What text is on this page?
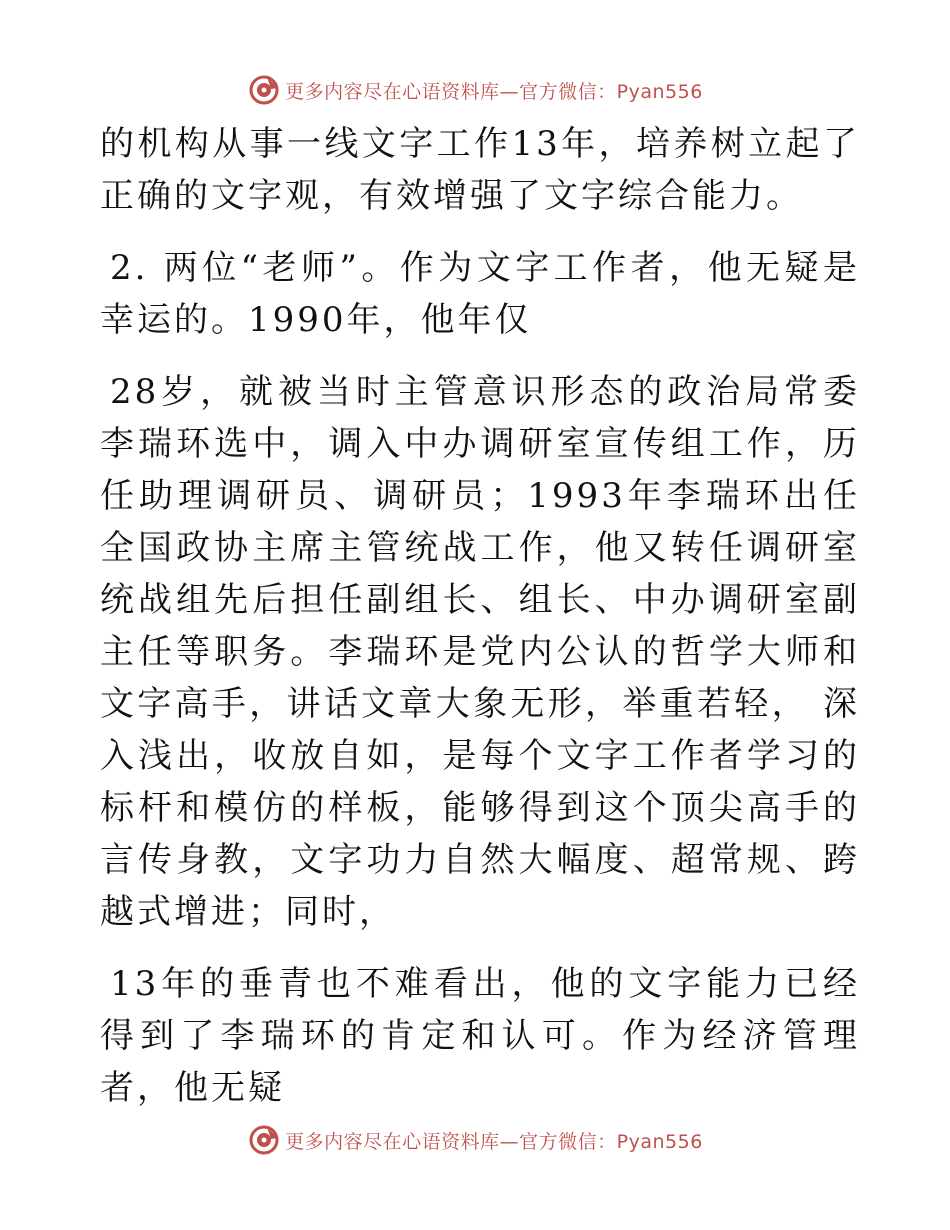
更多内容尽在心语资料库—官方微信：Pyan556

的机构从事一线文字工作13年，培养树立起了正确的文字观，有效增强了文字综合能力。

2. 两位“老师”。作为文字工作者，他无疑是幸运的。1990年，他年仅

28岁，就被当时主管意识形态的政治局常委李瑞环选中，调入中办调研室宣传组工作，历任助理调研员、调研员；1993年李瑞环出任全国政协主席主管统战工作，他又转任调研室统战组先后担任副组长、组长、中办调研室副主任等职务。李瑞环是党内公认的哲学大师和文字高手，讲话文章大象无形，举重若轻， 深入浅出，收放自如，是每个文字工作者学习的标杆和模仿的样板，能够得到这个顶尖高手的言传身教，文字功力自然大幅度、超常规、跨越式增进；同时，

13年的垂青也不难看出，他的文字能力已经得到了李瑞环的肯定和认可。作为经济管理者，他无疑

更多内容尽在心语资料库—官方微信：Pyan556
